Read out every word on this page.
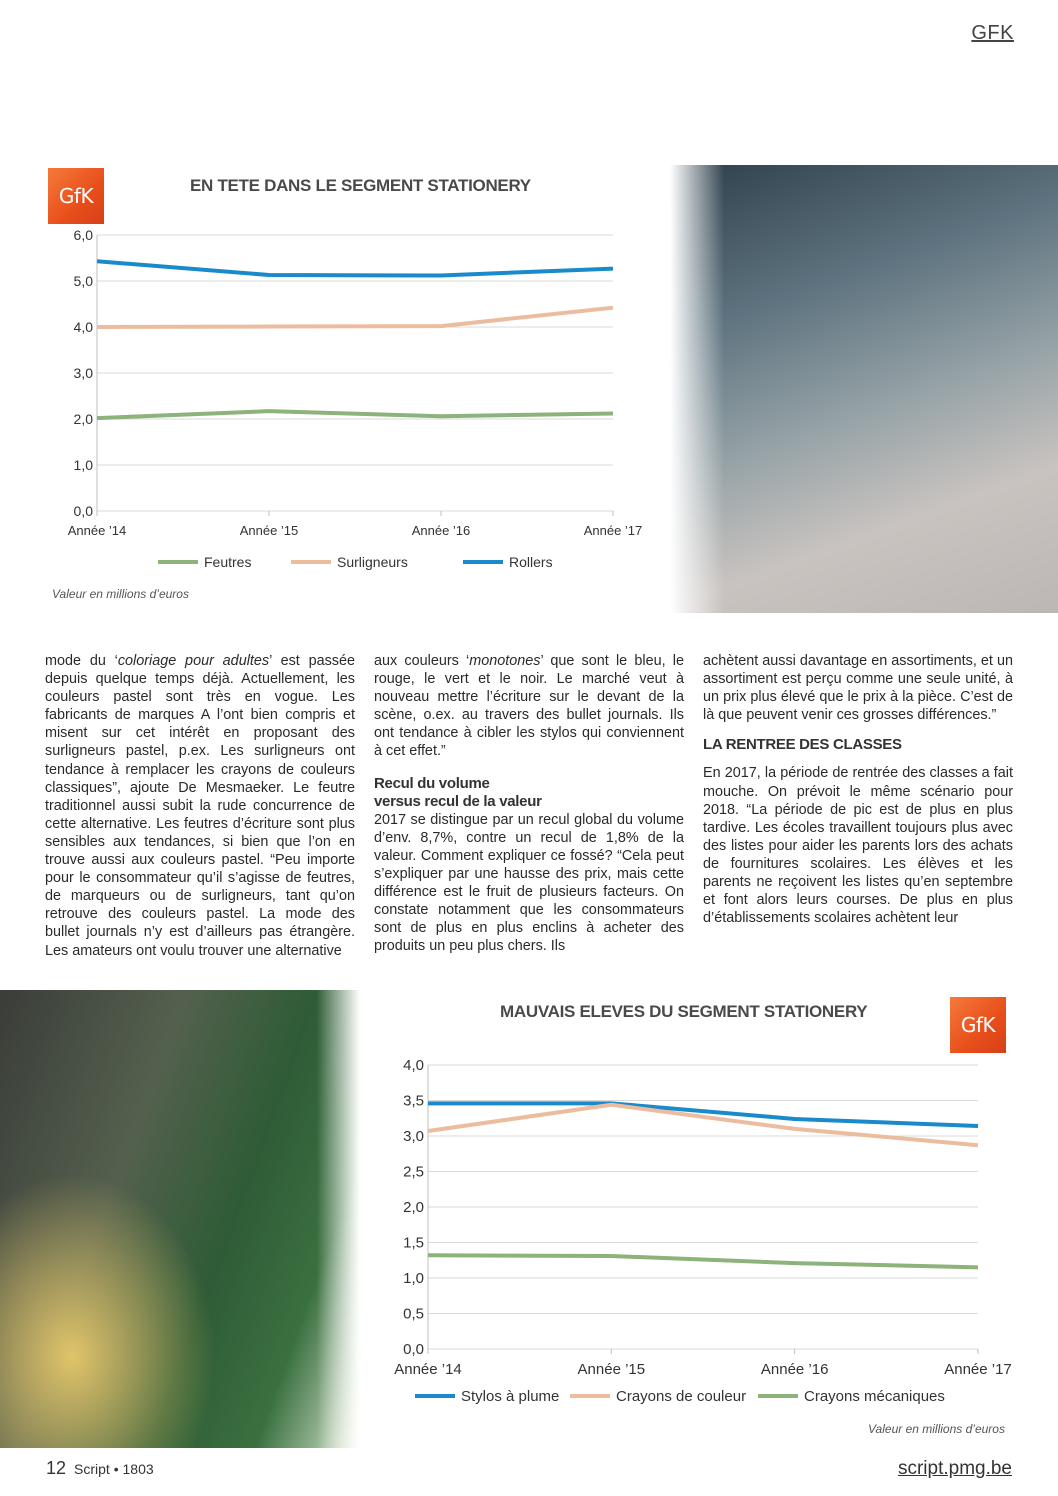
GFK
GfK	EN TETE DANS LE SEGMENT STATIONERY
0,0
1,0
2,0
3,0
4,0
5,0
6,0
Année ’14	Année ’15	Année ’16	Année ’17
Feutres	Surligneurs	Rollers
Valeur en millions d’euros

mode du ‘coloriage pour adultes’ est passée depuis quelque temps déjà. Actuellement, les couleurs pastel sont très en vogue. Les fabricants de marques A l’ont bien compris et misent sur cet intérêt en proposant des surligneurs pastel, p.ex. Les surligneurs ont tendance à remplacer les crayons de couleurs classiques”, ajoute De Mesmaeker. Le feutre traditionnel aussi subit la rude concurrence de cette alternative. Les feutres d’écriture sont plus sensibles aux tendances, si bien que l’on en trouve aussi aux couleurs pastel. “Peu importe pour le consommateur qu’il s’agisse de feutres, de marqueurs ou de surligneurs, tant qu’on retrouve des couleurs pastel. La mode des bullet journals n’y est d’ailleurs pas étrangère. Les amateurs ont voulu trouver une alternative

aux couleurs ‘monotones’ que sont le bleu, le rouge, le vert et le noir. Le marché veut à nouveau mettre l’écriture sur le devant de la scène, o.ex. au travers des bullet journals. Ils ont tendance à cibler les stylos qui conviennent à cet effet.”

Recul du volume
versus recul de la valeur

2017 se distingue par un recul global du volume d’env. 8,7%, contre un recul de 1,8% de la valeur. Comment expliquer ce fossé? “Cela peut s’expliquer par une hausse des prix, mais cette différence est le fruit de plusieurs facteurs. On constate notamment que les consommateurs sont de plus en plus enclins à acheter des produits un peu plus chers. Ils

achètent aussi davantage en assortiments, et un assortiment est perçu comme une seule unité, à un prix plus élevé que le prix à la pièce. C’est de là que peuvent venir ces grosses différences.”

LA RENTREE DES CLASSES

En 2017, la période de rentrée des classes a fait mouche. On prévoit le même scénario pour 2018. “La période de pic est de plus en plus tardive. Les écoles travaillent toujours plus avec des listes pour aider les parents lors des achats de fournitures scolaires. Les élèves et les parents ne reçoivent les listes qu’en septembre et font alors leurs courses. De plus en plus d’établissements scolaires achètent leur

MAUVAIS ELEVES DU SEGMENT STATIONERY
GfK
0,0
0,5
1,0
1,5
2,0
2,5
3,0
3,5
4,0
Année ’14	Année ’15	Année ’16	Année ’17
Stylos à plume	Crayons de couleur	Crayons mécaniques
Valeur en millions d’euros
12 Script • 1803	script.pmg.be
